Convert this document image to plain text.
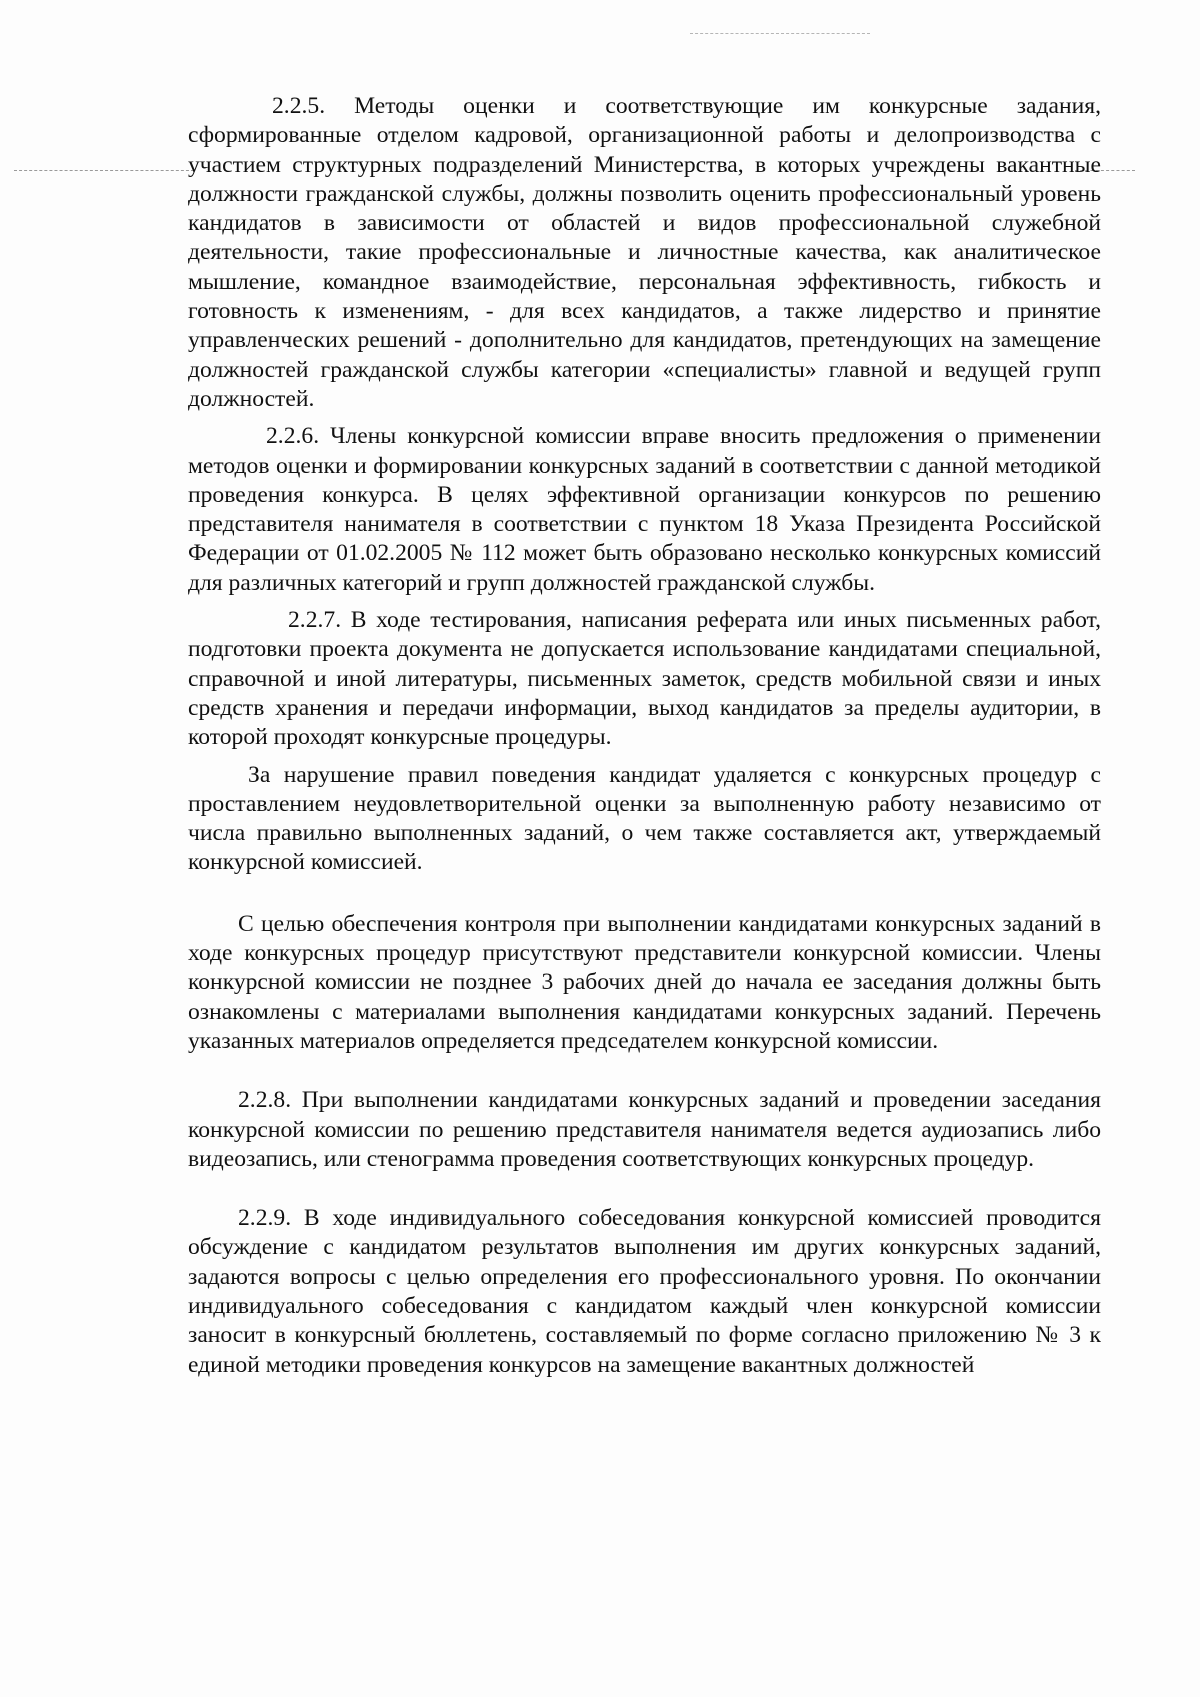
2.2.5. Методы оценки и соответствующие им конкурсные задания, сформированные отделом кадровой, организационной работы и делопроизводства с участием структурных подразделений Министерства, в которых учреждены вакантные должности гражданской службы, должны позволить оценить профессиональный уровень кандидатов в зависимости от областей и видов профессиональной служебной деятельности, такие профессиональные и личностные качества, как аналитическое мышление, командное взаимодействие, персональная эффективность, гибкость и готовность к изменениям, - для всех кандидатов, а также лидерство и принятие управленческих решений - дополнительно для кандидатов, претендующих на замещение должностей гражданской службы категории «специалисты» главной и ведущей групп должностей.

2.2.6. Члены конкурсной комиссии вправе вносить предложения о применении методов оценки и формировании конкурсных заданий в соответствии с данной методикой проведения конкурса. В целях эффективной организации конкурсов по решению представителя нанимателя в соответствии с пунктом 18 Указа Президента Российской Федерации от 01.02.2005 № 112 может быть образовано несколько конкурсных комиссий для различных категорий и групп должностей гражданской службы.

2.2.7. В ходе тестирования, написания реферата или иных письменных работ, подготовки проекта документа не допускается использование кандидатами специальной, справочной и иной литературы, письменных заметок, средств мобильной связи и иных средств хранения и передачи информации, выход кандидатов за пределы аудитории, в которой проходят конкурсные процедуры.

За нарушение правил поведения кандидат удаляется с конкурсных процедур с проставлением неудовлетворительной оценки за выполненную работу независимо от числа правильно выполненных заданий, о чем также составляется акт, утверждаемый конкурсной комиссией.

С целью обеспечения контроля при выполнении кандидатами конкурсных заданий в ходе конкурсных процедур присутствуют представители конкурсной комиссии. Члены конкурсной комиссии не позднее 3 рабочих дней до начала ее заседания должны быть ознакомлены с материалами выполнения кандидатами конкурсных заданий. Перечень указанных материалов определяется председателем конкурсной комиссии.

2.2.8. При выполнении кандидатами конкурсных заданий и проведении заседания конкурсной комиссии по решению представителя нанимателя ведется аудиозапись либо видеозапись, или стенограмма проведения соответствующих конкурсных процедур.

2.2.9. В ходе индивидуального собеседования конкурсной комиссией проводится обсуждение с кандидатом результатов выполнения им других конкурсных заданий, задаются вопросы с целью определения его профессионального уровня. По окончании индивидуального собеседования с кандидатом каждый член конкурсной комиссии заносит в конкурсный бюллетень, составляемый по форме согласно приложению № 3 к единой методики проведения конкурсов на замещение вакантных должностей
